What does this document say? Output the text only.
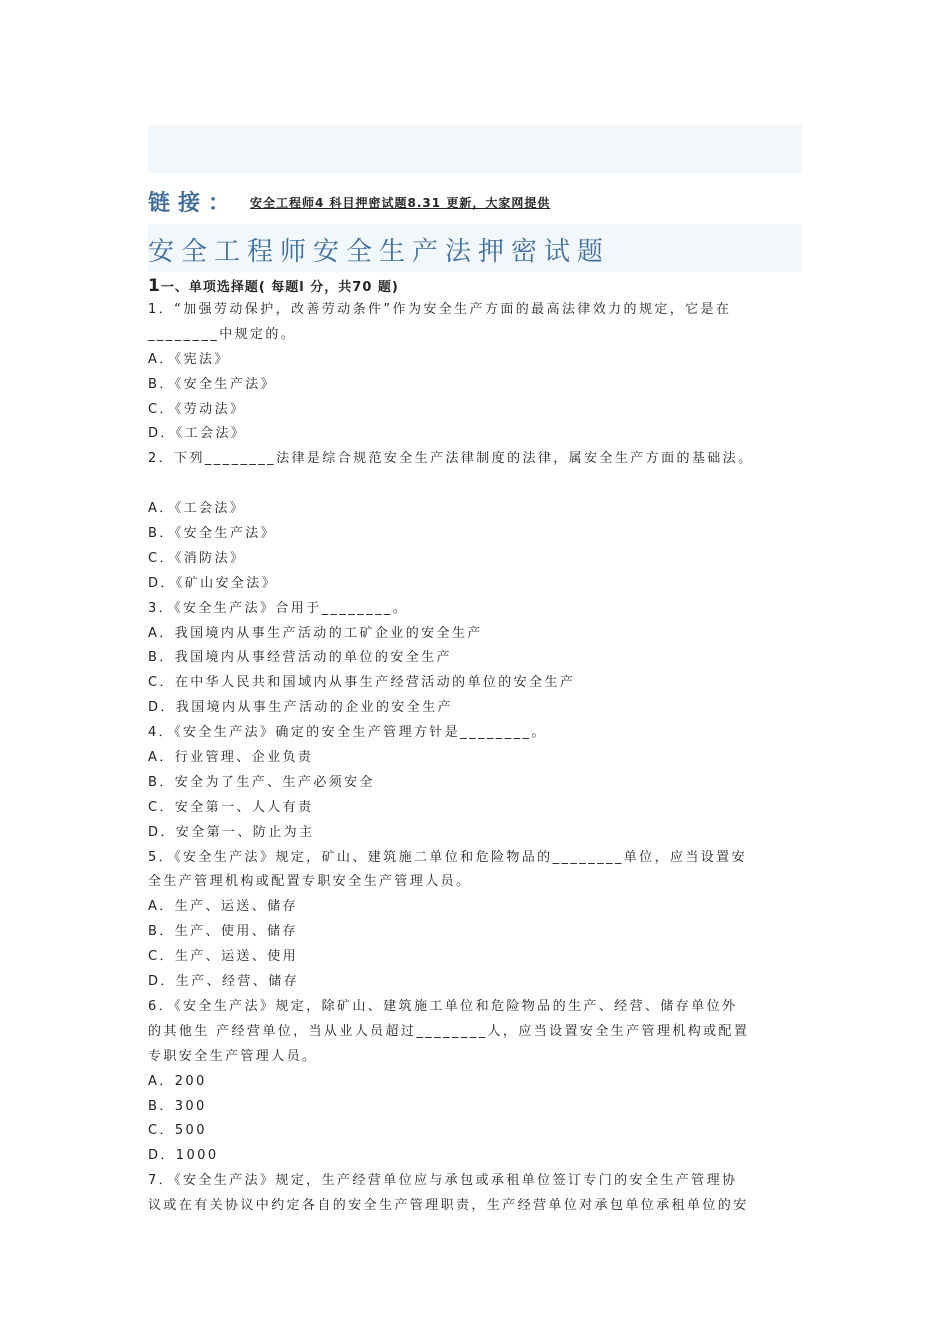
链接： 安全工程师4 科目押密试题8.31 更新，大家网提供
安全工程师安全生产法押密试题
1一、单项选择题( 每题l 分，共70 题)
1．“加强劳动保护，改善劳动条件”作为安全生产方面的最高法律效力的规定，它是在
________中规定的。
A．《宪法》
B．《安全生产法》
C．《劳动法》
D．《工会法》
2．下列________法律是综合规范安全生产法律制度的法律，属安全生产方面的基础法。
A．《工会法》
B．《安全生产法》
C．《消防法》
D．《矿山安全法》
3．《安全生产法》合用于________。
A．我国境内从事生产活动的工矿企业的安全生产
B．我国境内从事经营活动的单位的安全生产
C．在中华人民共和国域内从事生产经营活动的单位的安全生产
D．我国境内从事生产活动的企业的安全生产
4．《安全生产法》确定的安全生产管理方针是________。
A．行业管理、企业负责
B．安全为了生产、生产必须安全
C．安全第一、人人有责
D．安全第一、防止为主
5．《安全生产法》规定，矿山、建筑施二单位和危险物品的________单位，应当设置安
全生产管理机构或配置专职安全生产管理人员。
A．生产、运送、储存
B．生产、使用、储存
C．生产、运送、使用
D．生产、经营、储存
6．《安全生产法》规定，除矿山、建筑施工单位和危险物品的生产、经营、储存单位外
的其他生 产经营单位，当从业人员超过________人，应当设置安全生产管理机构或配置
专职安全生产管理人员。
A．200
B．300
C．500
D．1000
7．《安全生产法》规定，生产经营单位应与承包或承租单位签订专门的安全生产管理协
议或在有关协议中约定各自的安全生产管理职责，生产经营单位对承包单位承租单位的安
